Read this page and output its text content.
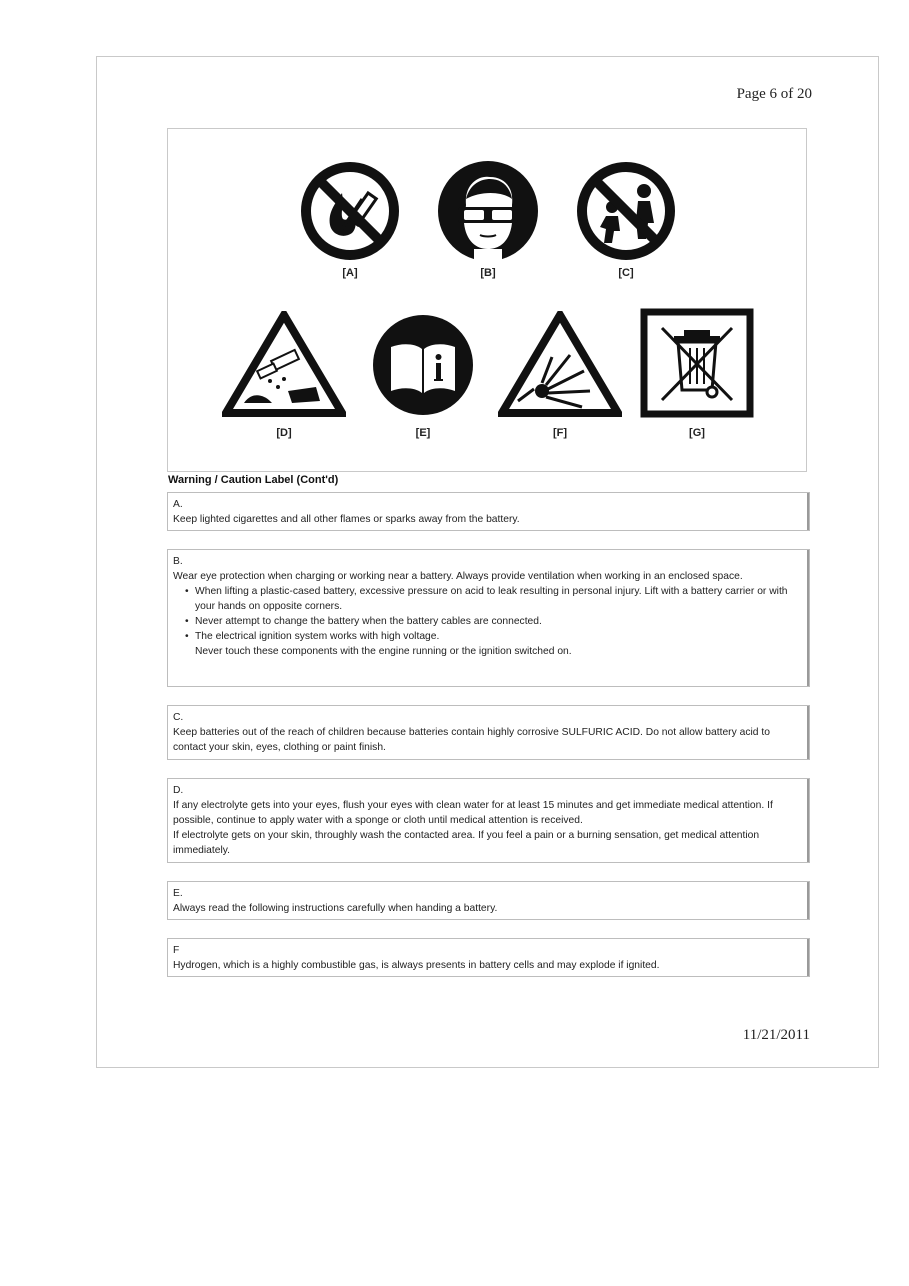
Page 6 of 20
[A]	[B]	[C]
[D]	[E]	[F]	[G]
Warning / Caution Label (Cont'd)
A.
Keep lighted cigarettes and all other flames or sparks away from the battery.
B.
Wear eye protection when charging or working near a battery. Always provide ventilation when working in an enclosed space.
• When lifting a plastic-cased battery, excessive pressure on acid to leak resulting in personal injury. Lift with a battery carrier or with your hands on opposite corners.
• Never attempt to change the battery when the battery cables are connected.
• The electrical ignition system works with high voltage.
Never touch these components with the engine running or the ignition switched on.
C.
Keep batteries out of the reach of children because batteries contain highly corrosive SULFURIC ACID. Do not allow battery acid to contact your skin, eyes, clothing or paint finish.
D.
If any electrolyte gets into your eyes, flush your eyes with clean water for at least 15 minutes and get immediate medical attention. If possible, continue to apply water with a sponge or cloth until medical attention is received.
If electrolyte gets on your skin, throughly wash the contacted area. If you feel a pain or a burning sensation, get medical attention immediately.
E.
Always read the following instructions carefully when handing a battery.
F
Hydrogen, which is a highly combustible gas, is always presents in battery cells and may explode if ignited.
11/21/2011
